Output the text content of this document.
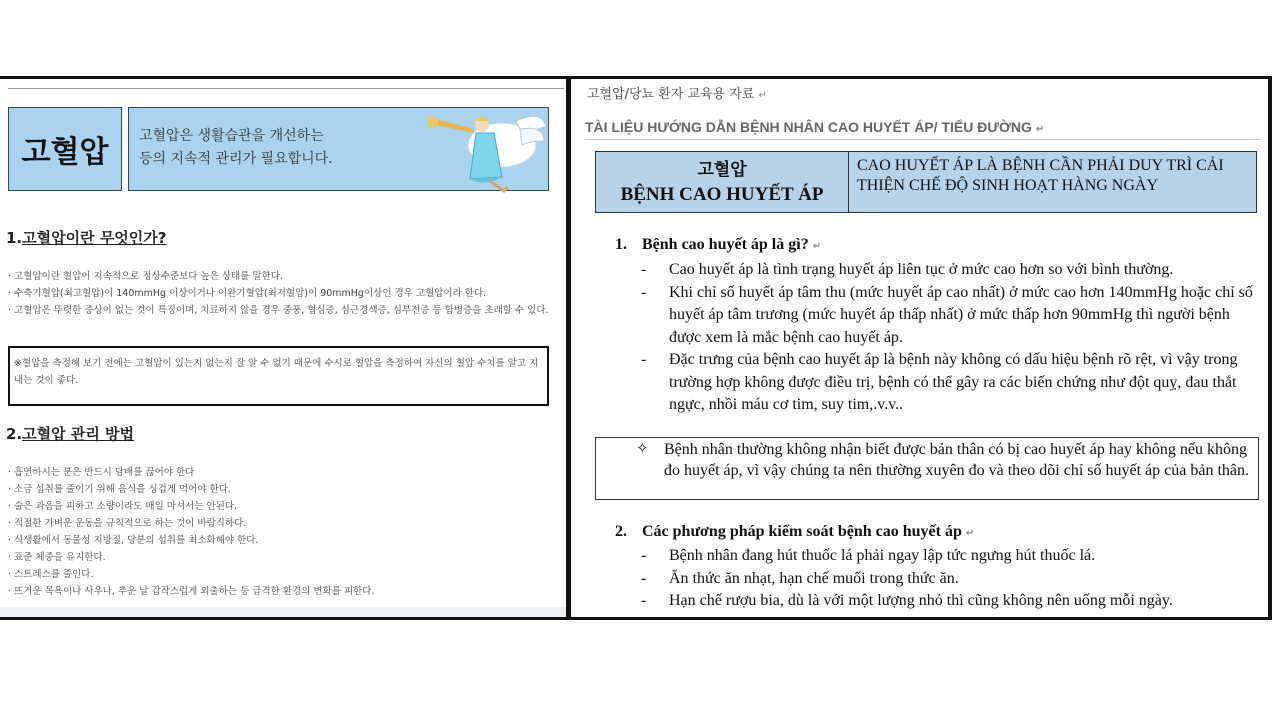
고혈압 고혈압은 생활습관을 개선하는
등의 지속적 관리가 필요합니다.
1.고혈압이란 무엇인가?
· 고혈압이란 혈압이 지속적으로 정상수준보다 높은 상태를 말한다.
· 수축기혈압(최고혈압)이 140mmHg 이상이거나 이완기혈압(최저혈압)이 90mmHg이상인 경우 고혈압이라 한다.
· 고혈압은 뚜렷한 증상이 없는 것이 특징이며, 치료하지 않을 경우 중풍, 협심증, 심근경색증, 심부전증 등 합병증을 초래할 수 있다.
※혈압을 측정해 보기 전에는 고혈압이 있는지 없는지 잘 알 수 없기 때문에 수시로 혈압을 측정하여 자신의 혈압 수치를 알고 지내는 것이 좋다.
2.고혈압 관리 방법
· 흡연하시는 분은 반드시 담배를 끊어야 한다
· 소금 섭취를 줄이기 위해 음식을 싱겁게 먹어야 한다.
· 술은 과음을 피하고 소량이라도 매일 마셔서는 안된다.
· 적절한 가벼운 운동을 규칙적으로 하는 것이 바람직하다.
· 식생활에서 동물성 지방질, 당분의 섭취를 최소화해야 한다.
· 표준 체중을 유지한다.
· 스트레스를 줄인다.
· 뜨거운 목욕이나 사우나, 추운 날 갑작스럽게 외출하는 등 급격한 환경의 변화를 피한다.
고혈압/당뇨 환자 교육용 자료 ↵
TÀI LIỆU HƯỚNG DẪN BỆNH NHÂN CAO HUYẾT ÁP/ TIỂU ĐƯỜNG ↵
고혈압
BỆNH CAO HUYẾT ÁP
CAO HUYẾT ÁP LÀ BỆNH CẦN PHẢI DUY TRÌ CẢI THIỆN CHẾ ĐỘ SINH HOẠT HÀNG NGÀY
1. Bệnh cao huyết áp là gì? ↵
- Cao huyết áp là tình trạng huyết áp liên tục ở mức cao hơn so với bình thường.
- Khi chỉ số huyết áp tâm thu (mức huyết áp cao nhất) ở mức cao hơn 140mmHg hoặc chỉ số huyết áp tâm trương (mức huyết áp thấp nhất) ở mức thấp hơn 90mmHg thì người bệnh được xem là mắc bệnh cao huyết áp.
- Đặc trưng của bệnh cao huyết áp là bệnh này không có dấu hiệu bệnh rõ rệt, vì vậy trong trường hợp không được điều trị, bệnh có thể gây ra các biến chứng như đột quỵ, đau thắt ngực, nhồi máu cơ tim, suy tim,.v.v..
✧ Bệnh nhân thường không nhận biết được bản thân có bị cao huyết áp hay không nếu không đo huyết áp, vì vậy chúng ta nên thường xuyên đo và theo dõi chỉ số huyết áp của bản thân.
2. Các phương pháp kiểm soát bệnh cao huyết áp ↵
- Bệnh nhân đang hút thuốc lá phải ngay lập tức ngưng hút thuốc lá.
- Ăn thức ăn nhạt, hạn chế muối trong thức ăn.
- Hạn chế rượu bia, dù là với một lượng nhỏ thì cũng không nên uống mỗi ngày.
